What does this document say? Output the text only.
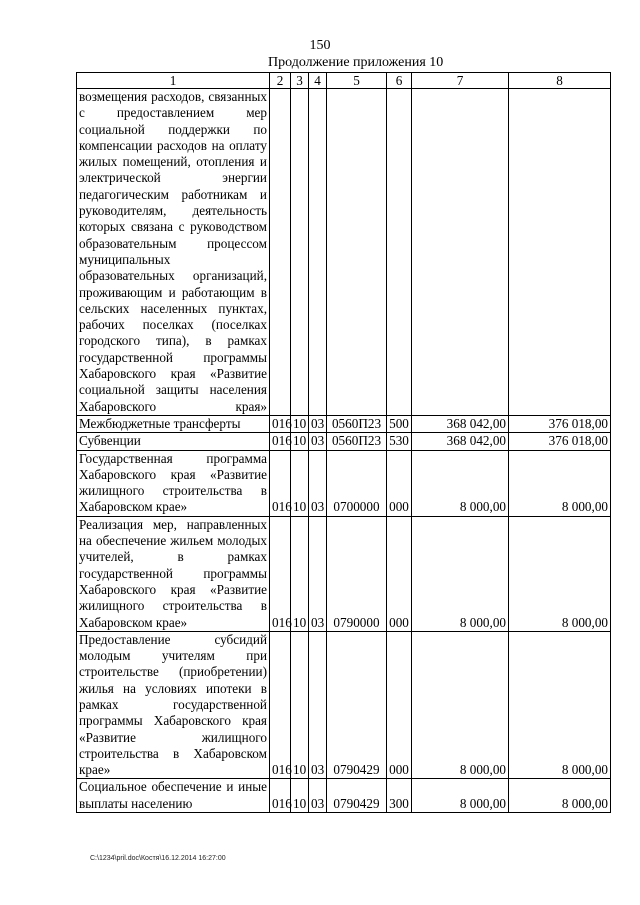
150
Продолжение приложения 10
1	2	3	4	5	6	7	8
возмещения расходов, связанных с предоставлением мер социальной поддержки по компенсации расходов на оплату жилых помещений, отопления и электрической энергии педагогическим работникам и руководителям, деятельность которых связана с руководством образовательным процессом муниципальных образовательных организаций, проживающим и работающим в сельских населенных пунктах, рабочих поселках (поселках городского типа), в рамках государственной программы Хабаровского края «Развитие социальной защиты населения Хабаровского края»							
Межбюджетные трансферты	016	10	03	0560П23	500	368 042,00	376 018,00
Субвенции	016	10	03	0560П23	530	368 042,00	376 018,00
Государственная программа Хабаровского края «Развитие жилищного строительства в Хабаровском крае»	016	10	03	0700000	000	8 000,00	8 000,00
Реализация мер, направленных на обеспечение жильем молодых учителей, в рамках государственной программы Хабаровского края «Развитие жилищного строительства в Хабаровском крае»	016	10	03	0790000	000	8 000,00	8 000,00
Предоставление субсидий молодым учителям при строительстве (приобретении) жилья на условиях ипотеки в рамках государственной программы Хабаровского края «Развитие жилищного строительства в Хабаровском крае»	016	10	03	0790429	000	8 000,00	8 000,00
Социальное обеспечение и иные выплаты населению	016	10	03	0790429	300	8 000,00	8 000,00
C:\1234\pril.doc\Костя\16.12.2014 16:27:00
